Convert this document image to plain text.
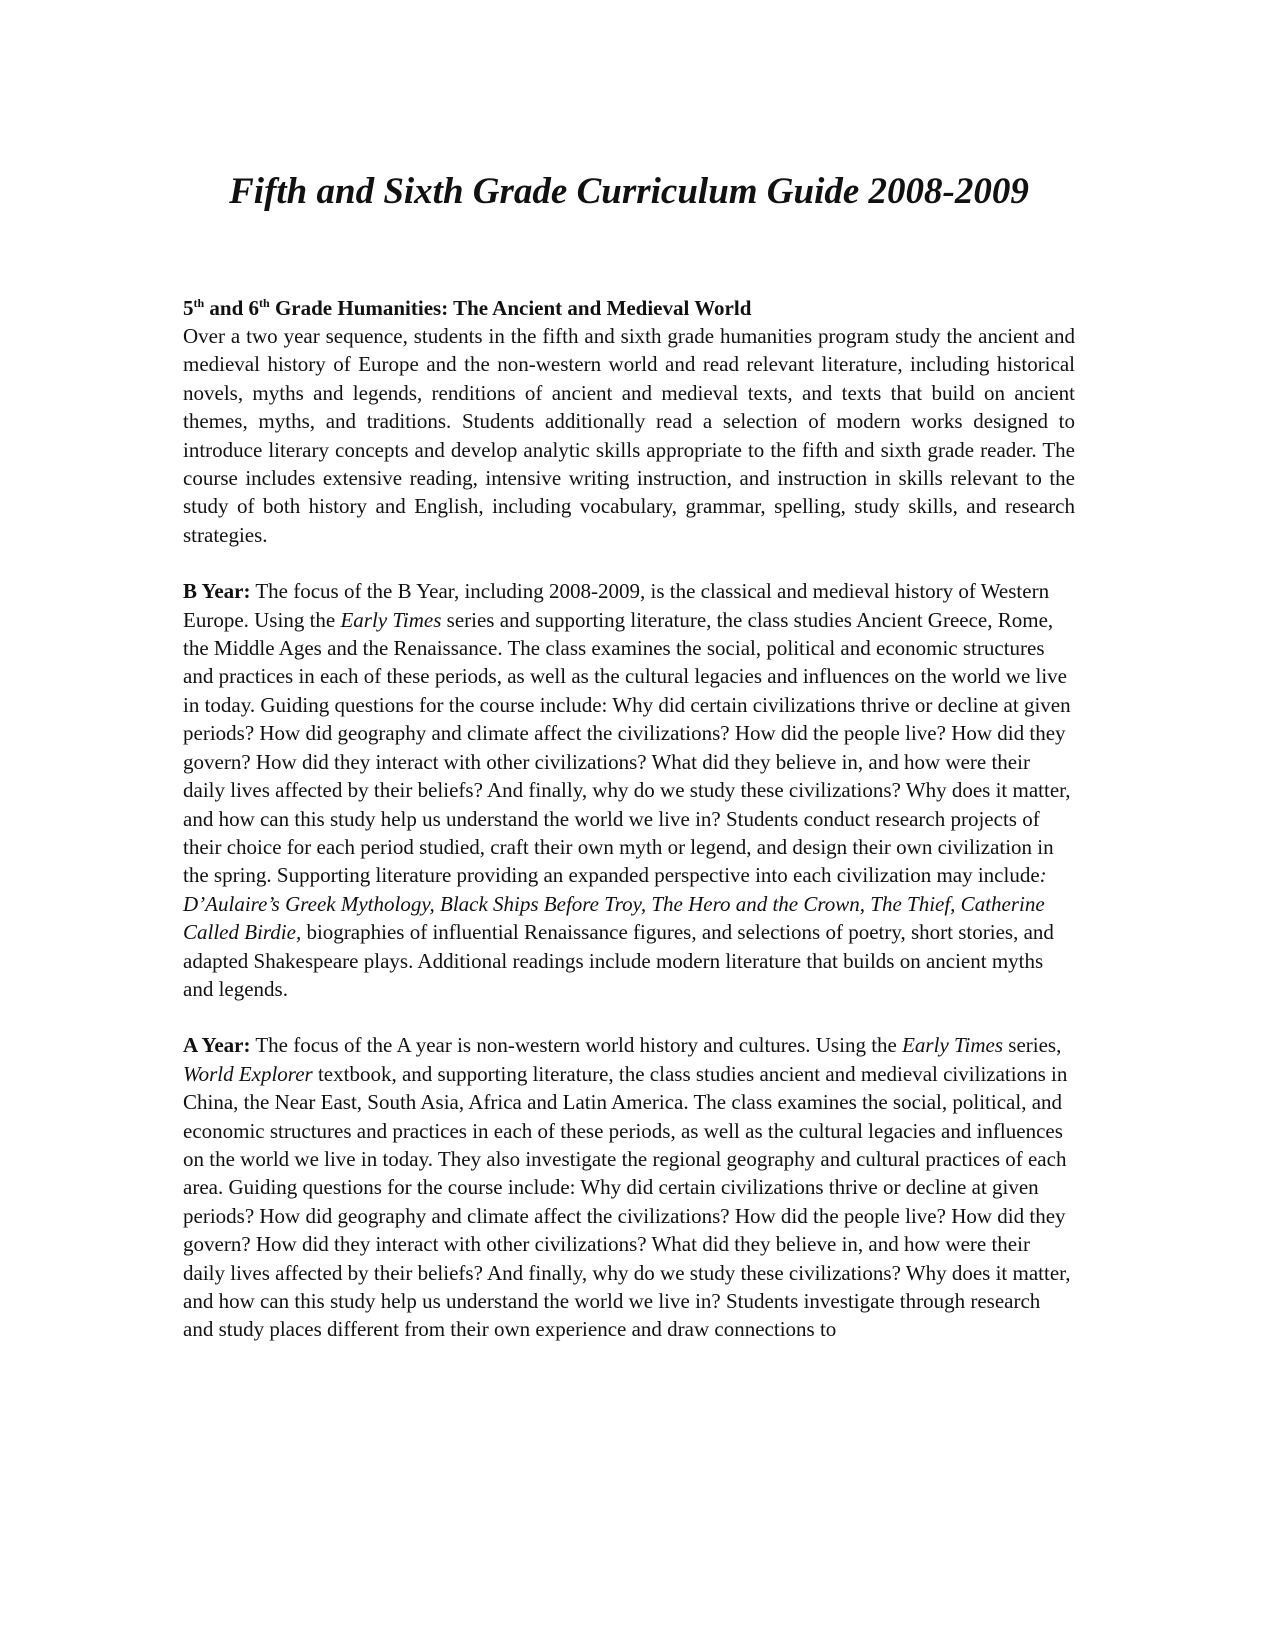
Fifth and Sixth Grade Curriculum Guide 2008-2009
5th and 6th Grade Humanities: The Ancient and Medieval World

Over a two year sequence, students in the fifth and sixth grade humanities program study the ancient and medieval history of Europe and the non-western world and read relevant literature, including historical novels, myths and legends, renditions of ancient and medieval texts, and texts that build on ancient themes, myths, and traditions. Students additionally read a selection of modern works designed to introduce literary concepts and develop analytic skills appropriate to the fifth and sixth grade reader. The course includes extensive reading, intensive writing instruction, and instruction in skills relevant to the study of both history and English, including vocabulary, grammar, spelling, study skills, and research strategies.

B Year: The focus of the B Year, including 2008-2009, is the classical and medieval history of Western Europe. Using the Early Times series and supporting literature, the class studies Ancient Greece, Rome, the Middle Ages and the Renaissance. The class examines the social, political and economic structures and practices in each of these periods, as well as the cultural legacies and influences on the world we live in today. Guiding questions for the course include: Why did certain civilizations thrive or decline at given periods? How did geography and climate affect the civilizations? How did the people live? How did they govern? How did they interact with other civilizations? What did they believe in, and how were their daily lives affected by their beliefs? And finally, why do we study these civilizations? Why does it matter, and how can this study help us understand the world we live in? Students conduct research projects of their choice for each period studied, craft their own myth or legend, and design their own civilization in the spring. Supporting literature providing an expanded perspective into each civilization may include: D’Aulaire’s Greek Mythology, Black Ships Before Troy, The Hero and the Crown, The Thief, Catherine Called Birdie, biographies of influential Renaissance figures, and selections of poetry, short stories, and adapted Shakespeare plays. Additional readings include modern literature that builds on ancient myths and legends.

A Year: The focus of the A year is non-western world history and cultures. Using the Early Times series, World Explorer textbook, and supporting literature, the class studies ancient and medieval civilizations in China, the Near East, South Asia, Africa and Latin America. The class examines the social, political, and economic structures and practices in each of these periods, as well as the cultural legacies and influences on the world we live in today. They also investigate the regional geography and cultural practices of each area. Guiding questions for the course include: Why did certain civilizations thrive or decline at given periods? How did geography and climate affect the civilizations? How did the people live? How did they govern? How did they interact with other civilizations? What did they believe in, and how were their daily lives affected by their beliefs? And finally, why do we study these civilizations? Why does it matter, and how can this study help us understand the world we live in? Students investigate through research and study places different from their own experience and draw connections to
